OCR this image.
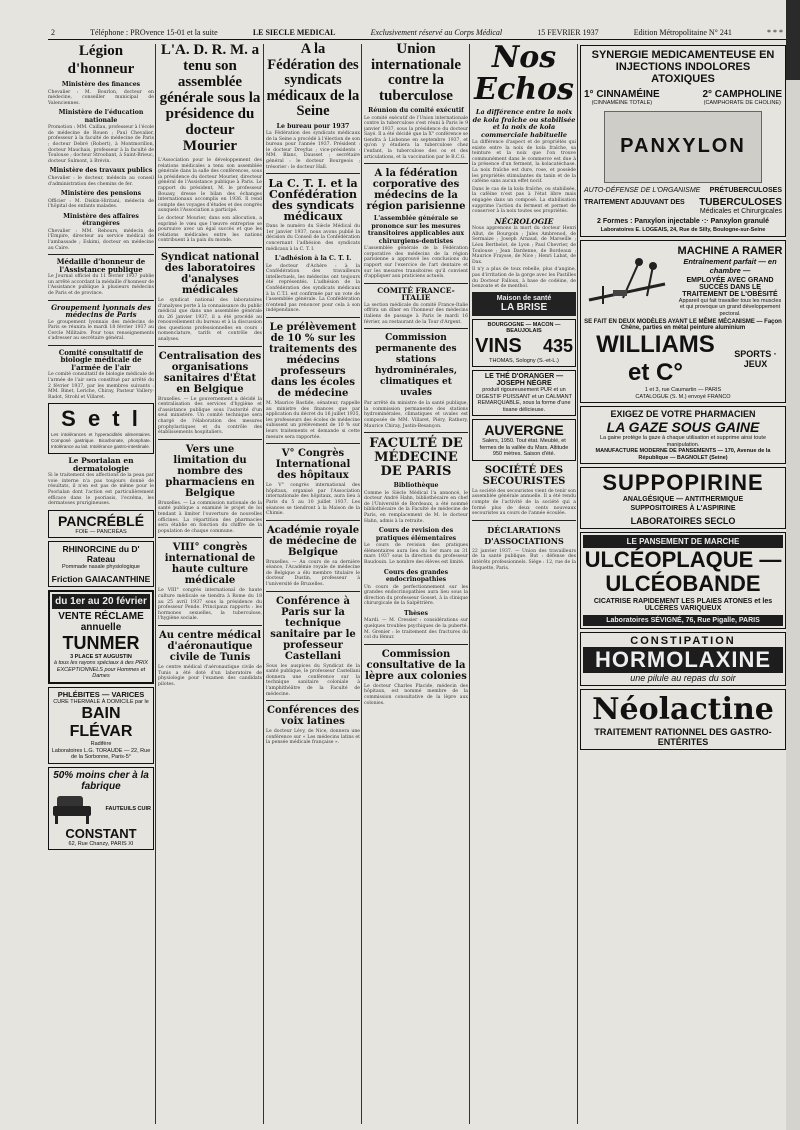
2	Téléphone : PROvence 15-01 et la suite	LE SIECLE MEDICAL	Exclusivement réservé au Corps Médical	15 FEVRIER 1937	Edition Métropolitaine N° 241	* * *
Légion d'honneur
Ministère des finances

Chevalier : M. Bourlon, docteur en médecine, conseiller municipal de Valenciennes.

Ministère de l'éducation nationale

Promotion : MM. Caillau, professeur à l'école de médecine de Rouen ; Paul Chevalier, professeur à la faculté de médecine de Paris ; docteur Debré (Robert), à Montmorillon, docteur Mauchais, professeur à la faculté de Toulouse ; docteur Stroobant, à Saint-Brieuc, docteur Sulmont, à Brévin.

Ministère des travaux publics

Chevalier : le docteur, médecin au conseil d'administration des chemins de fer.

Ministère des pensions

Officier : M. Diskin-Hiritani, médecin de l'hôpital des enfants malades.

Ministère des affaires étrangères

Chevalier : MM. Rebours, médecin de l'Empire, directeur au service médical de l'ambassade ; Eskimi, docteur en médecine au Caire.

Médaille d'honneur de l'Assistance publique

Le Journal officiel du 11 février 1937 publie un arrêté accordant la médaille d'honneur de l'Assistance publique à plusieurs médecins de Paris et de province.

Groupement lyonnais des médecins de Paris

Le groupement lyonnais des médecins de Paris se réunira le mardi 18 février 1937 au Cercle Militaire. Pour tous renseignements s'adresser au secrétaire général.

Comité consultatif de biologie médicale de l'armée de l'air

Le comité consultatif de biologie médicale de l'armée de l'air sera constitué par arrêté du 2 février 1937, par les membres suivants : MM. Binet, Leriche, Chiray, Pasteur Vallery-Radot, Strohl et Villaret.

S e t l

Les intolérances et hyperacidités alimentaires. Composé gastrique. Bicarbonate, phosphate. Intolérance au lait. Intolérance gastro-intestinale.

Le Psorialan en dermatologie

Si le traitement des affections de la peau par voie interne n'a pas toujours donné de résultats, il n'en est pas de même pour le Psorialan dont l'action est particulièrement efficace dans le psoriasis, l'eczéma, les dermatoses prurigineuses.

PANCRÉBLÉ
FOIE — PANCRÉAS
RHINORCINE du D' Rateau
Pommade nasale physiologique
Friction GAIACANTHINE
du 1er au 20 février
VENTE RÉCLAME annuelle
TUNMER
3 PLACE ST AUGUSTIN
à tous les rayons spéciaux à des PRIX EXCEPTIONNELS pour Hommes et Dames
PHLÉBITES — VARICES
CURE THERMALE À DOMICILE par le
BAIN FLÉVAR
Radifère
Laboratoires L.G. TORAUDE — 22, Rue de la Sorbonne, Paris-5°
50% moins cher à la fabrique
FAUTEUILS CUIR
CONSTANT
62, Rue Chanzy, PARIS XI
L'A. D. R. M. a tenu son assemblée générale sous la présidence du docteur Mourier

L'Association pour le développement des relations médicales a tenu son assemblée générale dans la salle des conférences, sous la présidence du docteur Mourier, directeur général de l'Assistance publique à Paris. Le rapport du président, M. le professeur Bouasy, dresse le bilan des échanges internationaux accomplis en 1936. Il rend compte des voyages d'études et des congrès auxquels l'Association a participé.

Le docteur Mourier, dans son allocution, a exprimé le vœu que l'œuvre entreprise se poursuive avec un égal succès et que les relations médicales entre les nations contribuent à la paix du monde.

Syndicat national des laboratoires d'analyses médicales

Le syndicat national des laboratoires d'analyses porte à la connaissance du public médical que dans une assemblée générale du 26 janvier 1937, il a été procédé au renouvellement du bureau et à la discussion des questions professionnelles en cours : nomenclature, tarifs et contrôle des analyses.

Centralisation des organisations sanitaires d'État en Belgique

Bruxelles. — Le gouvernement a décidé la centralisation des services d'hygiène et d'assistance publique sous l'autorité d'un seul ministère. Un comité technique sera chargé de l'élaboration des mesures prophylactiques et du contrôle des établissements hospitaliers.

Vers une limitation du nombre des pharmaciens en Belgique

Bruxelles. — La commission nationale de la santé publique a examiné le projet de loi tendant à limiter l'ouverture de nouvelles officines. La répartition des pharmacies sera établie en fonction du chiffre de la population de chaque commune.

VIII° congrès international de haute culture médicale

Le VIII° congrès international de haute culture médicale se tiendra à Rome du 18 au 25 avril 1937 sous la présidence du professeur Pende. Principaux rapports : les hormones sexuelles, la tuberculose, l'hygiène sociale.

Au centre médical d'aéronautique civile de Tunis

Le centre médical d'aéronautique civile de Tunis a été doté d'un laboratoire de physiologie pour l'examen des candidats pilotes.

A la Fédération des syndicats médicaux de la Seine
Le bureau pour 1937

La Fédération des syndicats médicaux de la Seine a procédé à l'élection de son bureau pour l'année 1937. Président : le docteur Dreyfus ; vice-présidents : MM. Blanc, Dausset ; secrétaire général : le docteur Bourgeois ; trésorier : le docteur Hall.

La C. T. I. et la Confédération des syndicats médicaux

Dans le numéro du Siècle Médical du 1er janvier 1937, nous avons publié la décision du Conseil de la Confédération concernant l'adhésion des syndicats médicaux à la C. T. I.

L'adhésion à la C. T. I.

Le docteur d'Achère : à la Confédération des travailleurs intellectuels, les médecins ont toujours été représentés. L'adhésion de la Confédération des syndicats médicaux à la C.T.I. est confirmée par un vote de l'assemblée générale. La Confédération n'entend pas renoncer pour cela à son indépendance.

Le prélèvement de 10 % sur les traitements des médecins professeurs dans les écoles de médecine

M. Maurice Bastide, sénateur, rappelle au ministre des finances que par application du décret du 16 juillet 1935, les professeurs des écoles de médecine subissent un prélèvement de 10 % sur leurs traitements et demande si cette mesure sera rapportée.

V° Congrès International des hôpitaux

Le V° congrès international des hôpitaux, organisé par l'Association internationale des hôpitaux, aura lieu à Paris du 5 au 10 juillet 1937. Les séances se tiendront à la Maison de la Chimie.

Académie royale de médecine de Belgique

Bruxelles. — Au cours de sa dernière séance, l'Académie royale de médecine de Belgique a élu membre titulaire le docteur Dustin, professeur à l'université de Bruxelles.

Conférence à Paris sur la technique sanitaire par le professeur Castellani

Sous les auspices du Syndicat de la santé publique, le professeur Castellani donnera une conférence sur la technique sanitaire coloniale à l'amphithéâtre de la Faculté de médecine.

Conférences des voix latines

Le docteur Lévy, de Nice, donnera une conférence sur « Les médecins latins et la pensée médicale française ».

Union internationale contre la tuberculose
Réunion du comité exécutif

Le comité exécutif de l'Union internationale contre la tuberculose s'est réuni à Paris le 9 janvier 1937, sous la présidence du docteur Sayé. Il a été décidé que la X° conférence se tiendra à Lisbonne en septembre 1937, et qu'on y étudiera la tuberculose chez l'enfant, la tuberculose des os et des articulations, et la vaccination par le B.C.G.

A la fédération corporative des médecins de la région parisienne
L'assemblée générale se prononce sur les mesures transitoires applicables aux chirurgiens-dentistes

L'assemblée générale de la Fédération corporative des médecins de la région parisienne a approuvé les conclusions du rapport sur l'exercice de l'art dentaire et sur les mesures transitoires qu'il convient d'appliquer aux praticiens actuels.

COMITÉ FRANCE-ITALIE

La section médicale du comité France-Italie offrira un dîner en l'honneur des médecins italiens de passage à Paris le mardi 16 février, au restaurant de la Tour d'Argent.

Commission permanente des stations hydrominérales, climatiques et uvales

Par arrêté du ministre de la santé publique, la commission permanente des stations hydrominérales, climatiques et uvales est composée de MM. Villaret, Piéry, Rathery, Maurice Chiray, Justin-Besançon.

FACULTÉ DE MÉDECINE DE PARIS
Bibliothèque

Comme le Siècle Médical l'a annoncé, le docteur André Hahn, bibliothécaire en chef de l'Université de Bordeaux, a été nommé bibliothécaire de la Faculté de médecine de Paris, en remplacement de M. le docteur Hahn, admis à la retraite.

Cours de revision des pratiques élémentaires

Le cours de revision des pratiques élémentaires aura lieu du 1er mars au 31 mars 1937 sous la direction du professeur Baudouin. Le nombre des élèves est limité.

Cours des grandes endocrinopathies

Un cours de perfectionnement sur les grandes endocrinopathies aura lieu sous la direction du professeur Gosset, à la clinique chirurgicale de la Salpêtrière.

Thèses

Mardi. — M. Cressier : considérations sur quelques troubles psychiques de la puberté. M. Grenier : le traitement des fractures du col du fémur.

Commission consultative de la lèpre aux colonies

Le docteur Charles Placide, médecin des hôpitaux, est nommé membre de la commission consultative de la lèpre aux colonies.

Nos Echos
La différence entre la noix de kola fraîche ou stabilisée et la noix de kola commerciale habituelle

La différence d'aspect et de propriétés qui existe entre la noix de kola fraîche, sa teinture et la noix que l'on trouve communément dans le commerce est due à la présence d'un ferment, la kolacatéchase. La noix fraîche est dure, rose, et possède les propriétés stimulantes du tanin et de la caféine sans aucun effet nocif.

Dans le cas de la kola fraîche, ou stabilisée, la caféine n'est pas à l'état libre mais engagée dans un composé. La stabilisation supprime l'action du ferment et permet de conserver à la noix toutes ses propriétés.

NÉCROLOGIE

Nous apprenons la mort du docteur Henri Allut, de Bourgoin ; Jules Ambrenod, de Sermaize ; Joseph Arnaud, de Marseille ; Léon Berthelot, de Lyon ; Paul Chevrier, de Toulouse ; Jean Dardenne, de Bordeaux ; Maurice Fraysse, de Nice ; Henri Labat, de Dax.

Il n'y a plus de toux rebelle, plus d'angine, pas d'irritation de la gorge avec les Pastilles du Docteur Falloux, à base de codéine, de benzoate et de menthol.

Maison de santé
LA BRISE
BOURGOGNE — MACON — BEAUJOLAIS
VINS 435
THOMAS, Sologny (S.-et-L.)
LE THÉ D'ORANGER — JOSEPH NÈGRE
produit rigoureusement PUR et un DIGESTIF PUISSANT et un CALMANT REMARQUABLE, sous la forme d'une tisane délicieuse.
AUVERGNE
Salers, 1950. Tout état. Meublé, et fermes de la vallée du Mars. Altitude 950 mètres. Saison d'été.
SOCIÉTÉ DES SECOURISTES

La société des secouristes vient de tenir son assemblée générale annuelle. Il a été rendu compte de l'activité de la société qui a formé plus de deux cents nouveaux secouristes au cours de l'année écoulée.

DÉCLARATIONS D'ASSOCIATIONS

22 janvier 1937. — Union des travailleurs de la santé publique. But : défense des intérêts professionnels. Siège : 12, rue de la Roquette, Paris.

SYNERGIE MEDICAMENTEUSE EN INJECTIONS INDOLORES ATOXIQUES
1° CINNAMÉINE
(CINNAMÉINE TOTALE)
2° CAMPHOLINE
(CAMPHORATE DE CHOLINE)
PANXYLON
AUTO-DÉFENSE DE L'ORGANISME PRÉTUBERCULOSES
TRAITEMENT ADJUVANT DES TUBERCULOSES
Médicales et Chirurgicales
2 Formes : Panxylon injectable ·:· Panxylon granulé
Laboratoires E. LOGEAIS, 24, Rue de Silly, Boulogne-sur-Seine
MACHINE A RAMER
Entraînement parfait — en chambre —
EMPLOYÉE AVEC GRAND SUCCÈS DANS LE TRAITEMENT DE L'OBÉSITÉ
Appareil qui fait travailler tous les muscles et qui provoque un grand développement pectoral.
SE FAIT EN DEUX MODÈLES AYANT LE MÊME MÉCANISME — Façon Chêne, parties en métal peinture aluminium
WILLIAMS et C°
SPORTS · JEUX
1 et 3, rue Caumartin — PARIS
CATALOGUE (S. M.) envoyé FRANCO
EXIGEZ DE VOTRE PHARMACIEN
LA GAZE SOUS GAINE
La gaine protège la gaze à chaque utilisation et supprime ainsi toute manipulation.
MANUFACTURE MODERNE DE PANSEMENTS — 170, Avenue de la République — BAGNOLET (Seine)
SUPPOPIRINE
ANALGÉSIQUE — ANTITHERMIQUE
SUPPOSITOIRES À L'ASPIRINE
LABORATOIRES SECLO
LE PANSEMENT DE MARCHE
ULCÉOPLAQUE —
ULCÉOBANDE
CICATRISE RAPIDEMENT LES PLAIES ATONES et les ULCÈRES VARIQUEUX
Laboratoires SÉVIGNÉ, 76, Rue Pigalle, PARIS
CONSTIPATION
HORMOLAXINE
une pilule au repas du soir
Néolactine
TRAITEMENT RATIONNEL DES GASTRO-ENTÉRITES
